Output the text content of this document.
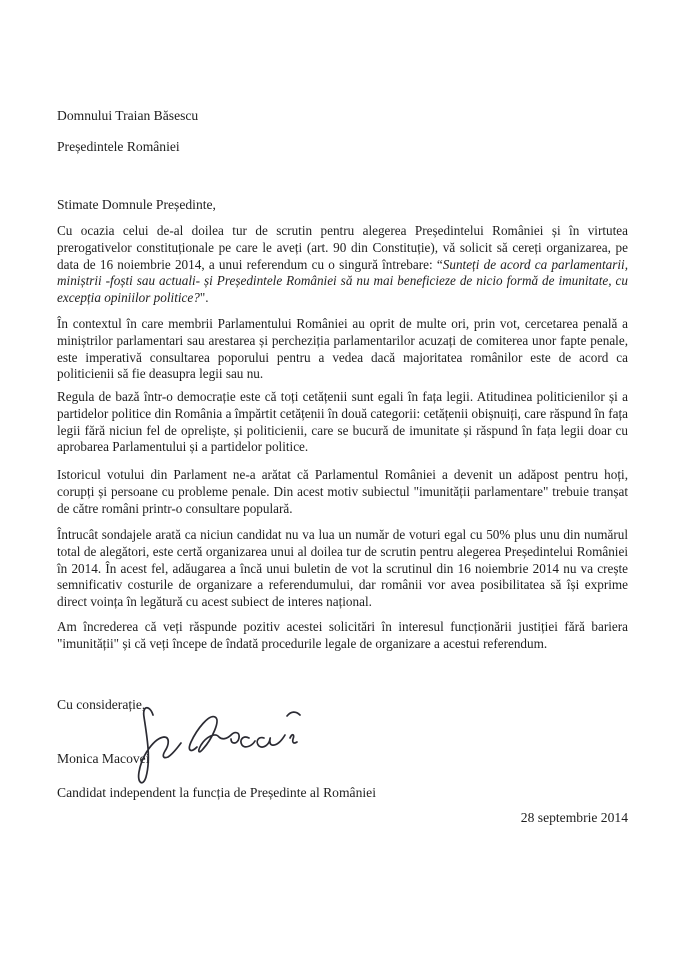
Domnului Traian Băsescu
Președintele României
Stimate Domnule Președinte,
Cu ocazia celui de-al doilea tur de scrutin pentru alegerea Președintelui României și în virtutea prerogativelor constituționale pe care le aveți (art. 90 din Constituție), vă solicit să cereți organizarea, pe data de 16 noiembrie 2014, a unui referendum cu o singură întrebare: “Sunteți de acord ca parlamentarii, miniștrii -foști sau actuali- și Președintele României să nu mai beneficieze de nicio formă de imunitate, cu excepția opiniilor politice?".
În contextul în care membrii Parlamentului României au oprit de multe ori, prin vot, cercetarea penală a miniștrilor parlamentari sau arestarea și percheziția parlamentarilor acuzați de comiterea unor fapte penale, este imperativă consultarea poporului pentru a vedea dacă majoritatea românilor este de acord ca politicienii să fie deasupra legii sau nu.
Regula de bază într-o democrație este că toți cetățenii sunt egali în fața legii. Atitudinea politicienilor și a partidelor politice din România a împărtit cetățenii în două categorii: cetățenii obișnuiți, care răspund în fața legii fără niciun fel de opreliște, și politicienii, care se bucură de imunitate și răspund în fața legii doar cu aprobarea Parlamentului și a partidelor politice.
Istoricul votului din Parlament ne-a arătat că Parlamentul României a devenit un adăpost pentru hoți, corupți și persoane cu probleme penale. Din acest motiv subiectul "imunității parlamentare" trebuie tranșat de către români printr-o consultare populară.
Întrucât sondajele arată ca niciun candidat nu va lua un număr de voturi egal cu 50% plus unu din numărul total de alegători, este certă organizarea unui al doilea tur de scrutin pentru alegerea Președintelui României în 2014. În acest fel, adăugarea a încă unui buletin de vot la scrutinul din 16 noiembrie 2014 nu va crește semnificativ costurile de organizare a referendumului, dar românii vor avea posibilitatea să își exprime direct voința în legătură cu acest subiect de interes național.
Am încrederea că veți răspunde pozitiv acestei solicitări în interesul funcționării justiției fără bariera "imunității" și că veți începe de îndată procedurile legale de organizare a acestui referendum.
Cu considerație,
Monica Macovei
Candidat independent la funcția de Președinte al României
28 septembrie 2014
